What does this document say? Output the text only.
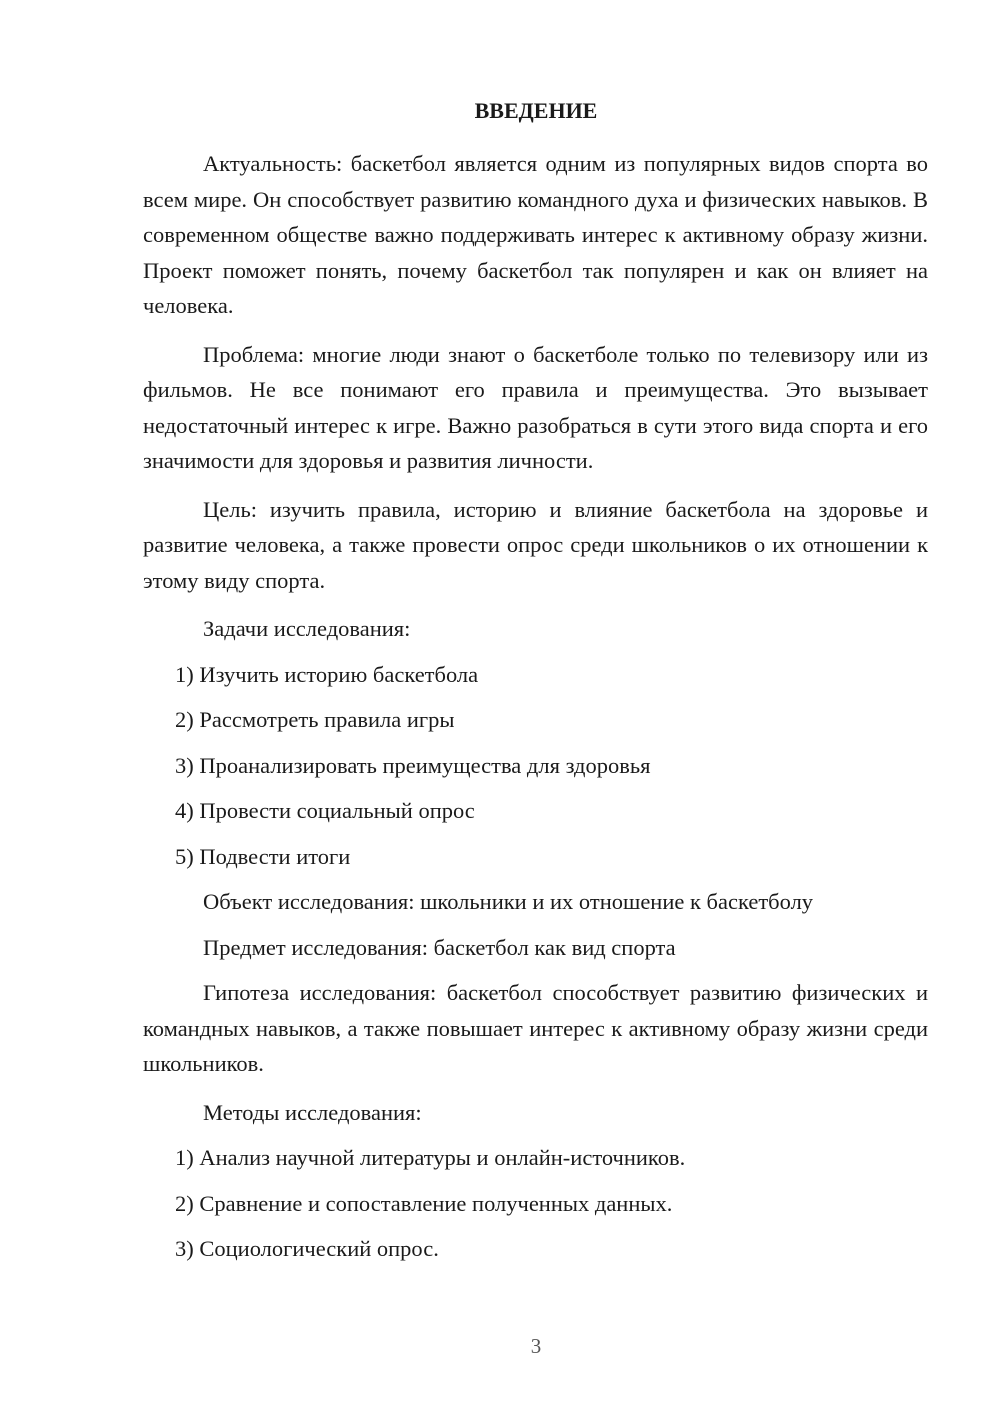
ВВЕДЕНИЕ

Актуальность: баскетбол является одним из популярных видов спорта во всем мире. Он способствует развитию командного духа и физических навыков. В современном обществе важно поддерживать интерес к активному образу жизни. Проект поможет понять, почему баскетбол так популярен и как он влияет на человека.

Проблема: многие люди знают о баскетболе только по телевизору или из фильмов. Не все понимают его правила и преимущества. Это вызывает недостаточный интерес к игре. Важно разобраться в сути этого вида спорта и его значимости для здоровья и развития личности.

Цель: изучить правила, историю и влияние баскетбола на здоровье и развитие человека, а также провести опрос среди школьников о их отношении к этому виду спорта.

Задачи исследования:

1) Изучить историю баскетбола

2) Рассмотреть правила игры

3) Проанализировать преимущества для здоровья

4) Провести социальный опрос

5) Подвести итоги

Объект исследования: школьники и их отношение к баскетболу

Предмет исследования: баскетбол как вид спорта

Гипотеза исследования: баскетбол способствует развитию физических и командных навыков, а также повышает интерес к активному образу жизни среди школьников.

Методы исследования:

1) Анализ научной литературы и онлайн-источников.

2) Сравнение и сопоставление полученных данных.

3) Социологический опрос.

3
